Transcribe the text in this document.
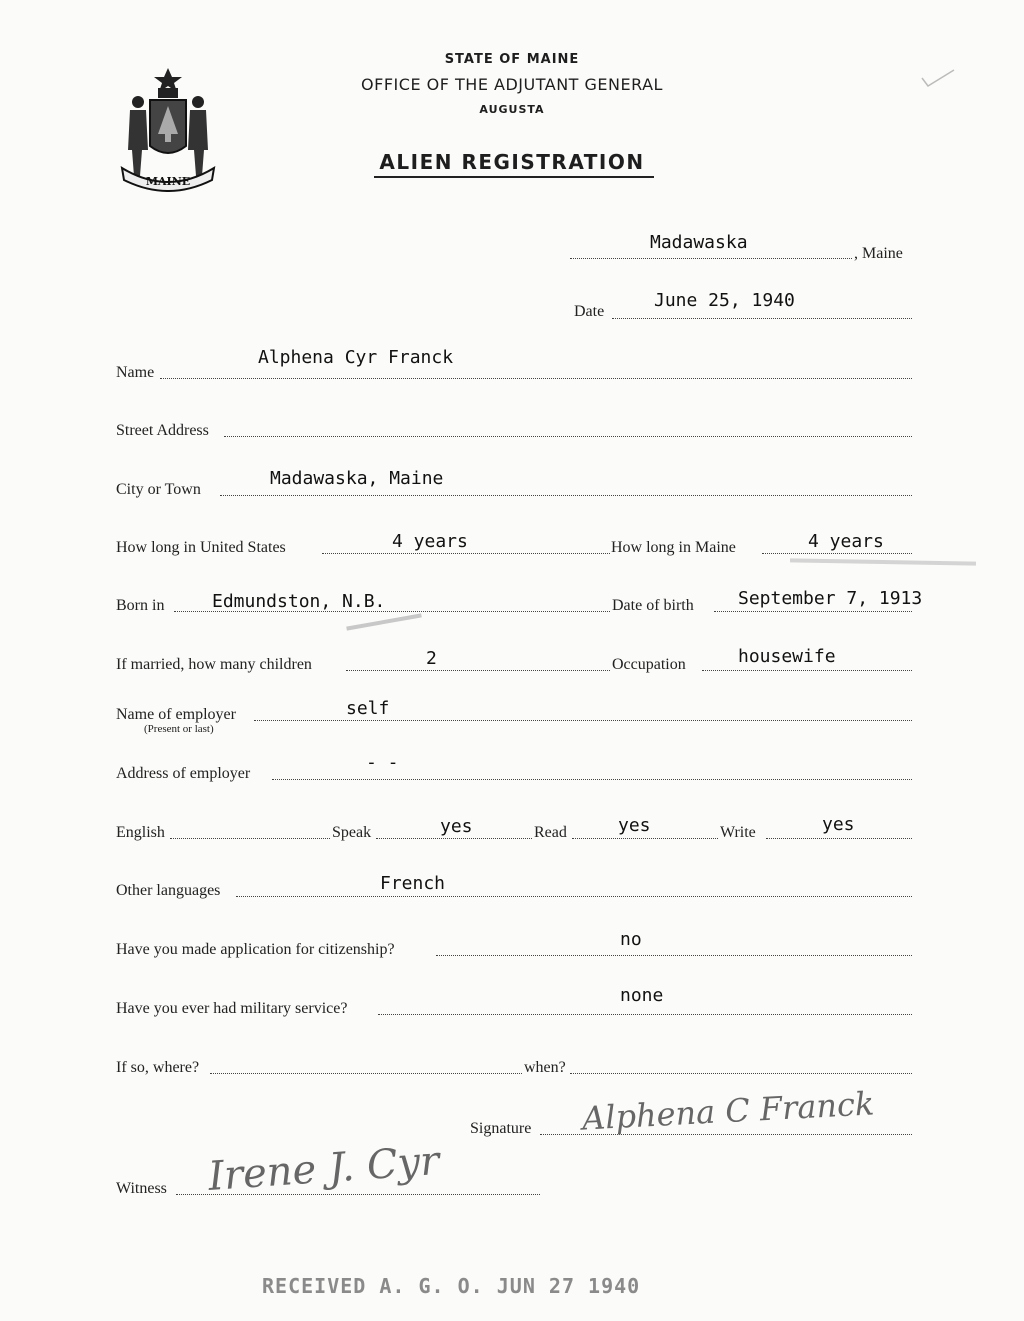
MAINE
STATE OF MAINE
OFFICE OF THE ADJUTANT GENERAL
AUGUSTA
ALIEN REGISTRATION
Madawaska
, Maine
Date
June 25, 1940
Name
Alphena Cyr Franck
Street Address
City or Town
Madawaska, Maine
How long in United States	4 years	How long in Maine	4 years
Born in	Edmundston, N.B.	Date of birth September 7, 1913
If married, how many children	2	Occupation	housewife
Name of employer
(Present or last)
self
Address of employer
- -
English	Speak	yes	Read	yes	Write	yes
Other languages	French
Have you made application for citizenship?	no
Have you ever had military service?
none
If so, where?	when?
Signature Alphena C Franck
Witness Irene J. Cyr
RECEIVED A. G. O. JUN 27 1940
